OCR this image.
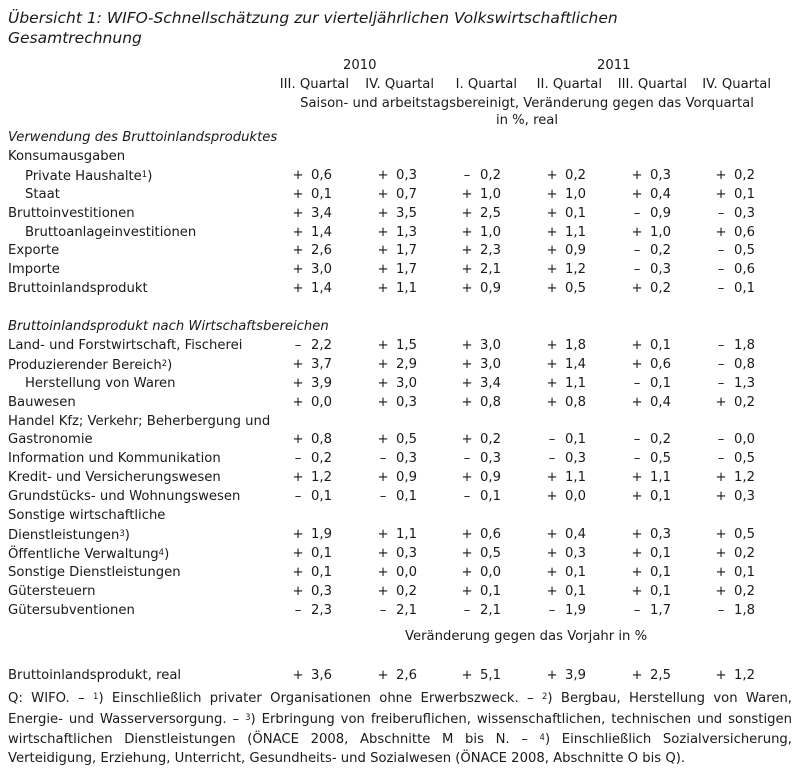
Übersicht 1: WIFO-Schnellschätzung zur vierteljährlichen Volkswirtschaftlichen
Gesamtrechnung
2010	2011
III. Quartal	IV. Quartal	I. Quartal	II. Quartal	III. Quartal	IV. Quartal
Saison- und arbeitstagsbereinigt, Veränderung gegen das Vorquartal
in %, real
Verwendung des Bruttoinlandsproduktes
Konsumausgaben
Private Haushalte$^1$)	+ 0,6	+ 0,3	– 0,2	+ 0,2	+ 0,3	+ 0,2
Staat	+ 0,1	+ 0,7	+ 1,0	+ 1,0	+ 0,4	+ 0,1
Bruttoinvestitionen	+ 3,4	+ 3,5	+ 2,5	+ 0,1	– 0,9	– 0,3
Bruttoanlageinvestitionen	+ 1,4	+ 1,3	+ 1,0	+ 1,1	+ 1,0	+ 0,6
Exporte	+ 2,6	+ 1,7	+ 2,3	+ 0,9	– 0,2	– 0,5
Importe	+ 3,0	+ 1,7	+ 2,1	+ 1,2	– 0,3	– 0,6
Bruttoinlandsprodukt	+ 1,4	+ 1,1	+ 0,9	+ 0,5	+ 0,2	– 0,1
Bruttoinlandsprodukt nach Wirtschaftsbereichen
Land- und Forstwirtschaft, Fischerei	– 2,2	+ 1,5	+ 3,0	+ 1,8	+ 0,1	– 1,8
Produzierender Bereich$^2$)	+ 3,7	+ 2,9	+ 3,0	+ 1,4	+ 0,6	– 0,8
Herstellung von Waren	+ 3,9	+ 3,0	+ 3,4	+ 1,1	– 0,1	– 1,3
Bauwesen	+ 0,0	+ 0,3	+ 0,8	+ 0,8	+ 0,4	+ 0,2
Handel Kfz; Verkehr; Beherbergung und
Gastronomie	+ 0,8	+ 0,5	+ 0,2	– 0,1	– 0,2	– 0,0
Information und Kommunikation	– 0,2	– 0,3	– 0,3	– 0,3	– 0,5	– 0,5
Kredit- und Versicherungswesen	+ 1,2	+ 0,9	+ 0,9	+ 1,1	+ 1,1	+ 1,2
Grundstücks- und Wohnungswesen	– 0,1	– 0,1	– 0,1	+ 0,0	+ 0,1	+ 0,3
Sonstige wirtschaftliche
Dienstleistungen$^3$)	+ 1,9	+ 1,1	+ 0,6	+ 0,4	+ 0,3	+ 0,5
Öffentliche Verwaltung$^4$)	+ 0,1	+ 0,3	+ 0,5	+ 0,3	+ 0,1	+ 0,2
Sonstige Dienstleistungen	+ 0,1	+ 0,0	+ 0,0	+ 0,1	+ 0,1	+ 0,1
Gütersteuern	+ 0,3	+ 0,2	+ 0,1	+ 0,1	+ 0,1	+ 0,2
Gütersubventionen	– 2,3	– 2,1	– 2,1	– 1,9	– 1,7	– 1,8
Veränderung gegen das Vorjahr in %
Bruttoinlandsprodukt, real	+ 3,6	+ 2,6	+ 5,1	+ 3,9	+ 2,5	+ 1,2
Q: WIFO. – $^1$) Einschließlich privater Organisationen ohne Erwerbszweck. – $^2$) Bergbau, Herstellung von Waren, Energie- und Wasserversorgung. – $^3$) Erbringung von freiberuflichen, wissenschaftlichen, technischen und sonstigen wirtschaftlichen Dienstleistungen (ÖNACE 2008, Abschnitte M bis N. – $^4$) Einschließlich Sozialversicherung, Verteidigung, Erziehung, Unterricht, Gesundheits- und Sozialwesen (ÖNACE 2008, Abschnitte O bis Q).
